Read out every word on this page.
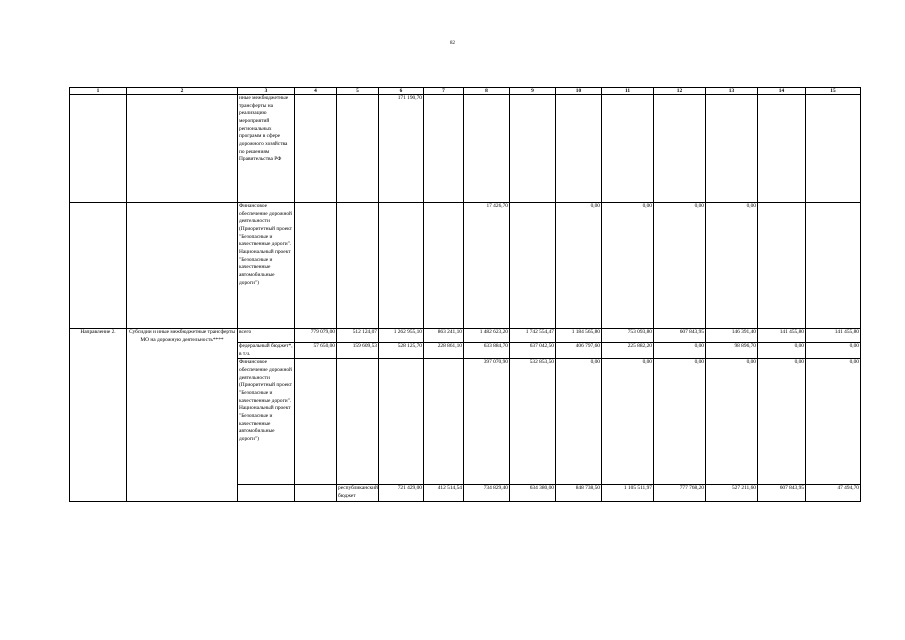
82
1	2	3	4	5	6	7	8	9	10	11	12	13	14	15	
		иные межбюджетные трансферты на реализацию мероприятий региональных программ в сфере дорожного хозяйства по решениям Правительства РФ			171 190,70										
		Финансовое обеспечение дорожной деятельности (Приоритетный проект "Безопасные и качественные дороги". Национальный проект "Безопасные и качественные автомобильные дороги")					17 426,70		0,00	0,00	0,00	0,00			
Направление 2.	Субсидии и иные межбюджетные трансферты МО на дорожную деятельность****	всего	779 079,00	512 124,07	1 262 955,10	863 241,10	1 482 623,20	1 742 554,47	1 184 565,80	753 093,80	607 843,95	146 391,40	141 455,80	141 455,80	
		федеральный бюджет*, в т.ч.	57 650,00	159 609,53	528 125,70	228 861,10	633 884,70	637 042,50	406 797,60	225 882,20	0,00	98 896,70	0,00	0,00	
		Финансовое обеспечение дорожной деятельности (Приоритетный проект "Безопасные и качественные дороги". Национальный проект "Безопасные и качественные автомобильные дороги")					397 070,90	532 853,50	0,00	0,00	0,00	0,00	0,00	0,00	
				республиканский бюджет	721 429,00	412 514,54	734 829,40	634 380,00	848 738,50	1 105 511,97	777 768,20	527 211,60	607 843,95	47 494,70		
